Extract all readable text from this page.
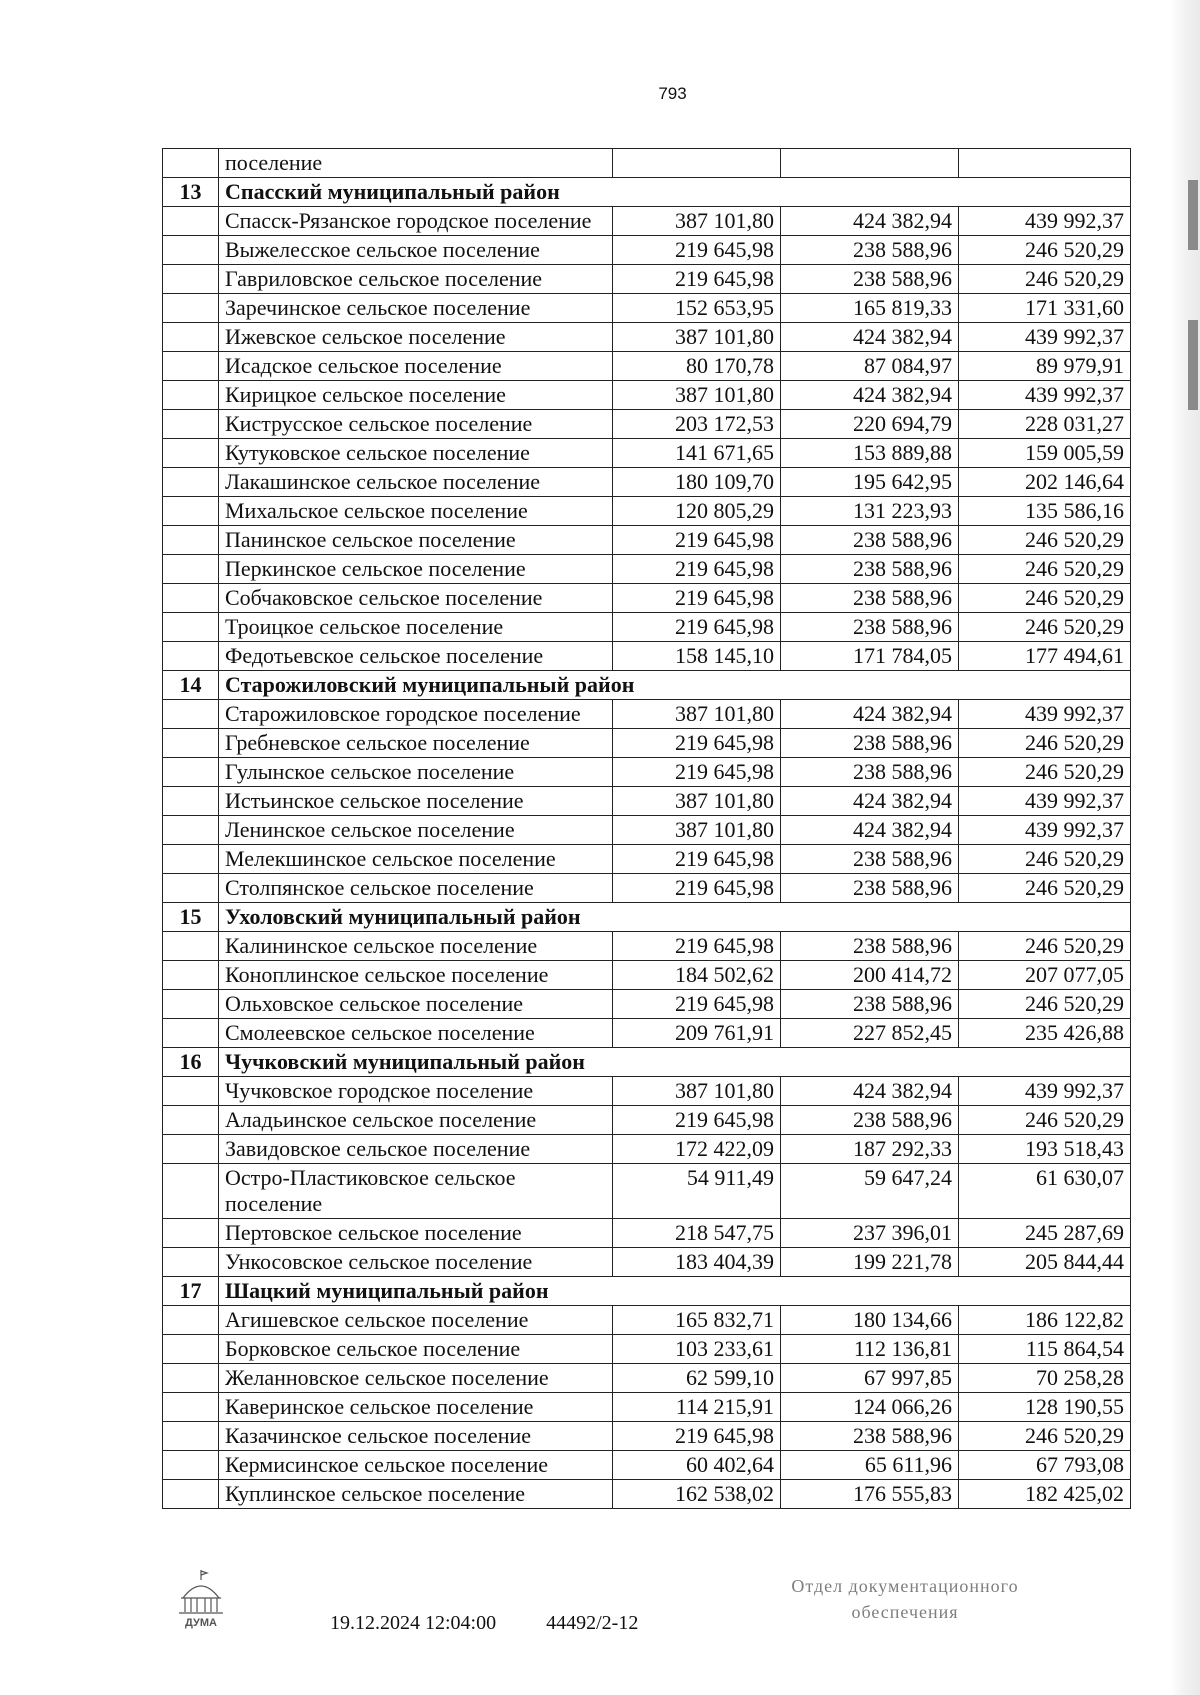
793
	поселение			
13	Спасский муниципальный район			
	Спасск-Рязанское городское поселение	387 101,80	424 382,94	439 992,37
	Выжелесское сельское поселение	219 645,98	238 588,96	246 520,29
	Гавриловское сельское поселение	219 645,98	238 588,96	246 520,29
	Заречинское сельское поселение	152 653,95	165 819,33	171 331,60
	Ижевское сельское поселение	387 101,80	424 382,94	439 992,37
	Исадское сельское поселение	80 170,78	87 084,97	89 979,91
	Кирицкое сельское поселение	387 101,80	424 382,94	439 992,37
	Киструсское сельское поселение	203 172,53	220 694,79	228 031,27
	Кутуковское сельское поселение	141 671,65	153 889,88	159 005,59
	Лакашинское сельское поселение	180 109,70	195 642,95	202 146,64
	Михальское сельское поселение	120 805,29	131 223,93	135 586,16
	Панинское сельское поселение	219 645,98	238 588,96	246 520,29
	Перкинское сельское поселение	219 645,98	238 588,96	246 520,29
	Собчаковское сельское поселение	219 645,98	238 588,96	246 520,29
	Троицкое сельское поселение	219 645,98	238 588,96	246 520,29
	Федотьевское сельское поселение	158 145,10	171 784,05	177 494,61
14	Старожиловский муниципальный район			
	Старожиловское городское поселение	387 101,80	424 382,94	439 992,37
	Гребневское сельское поселение	219 645,98	238 588,96	246 520,29
	Гулынское сельское поселение	219 645,98	238 588,96	246 520,29
	Истьинское сельское поселение	387 101,80	424 382,94	439 992,37
	Ленинское сельское поселение	387 101,80	424 382,94	439 992,37
	Мелекшинское сельское поселение	219 645,98	238 588,96	246 520,29
	Столпянское сельское поселение	219 645,98	238 588,96	246 520,29
15	Ухоловский муниципальный район			
	Калининское сельское поселение	219 645,98	238 588,96	246 520,29
	Коноплинское сельское поселение	184 502,62	200 414,72	207 077,05
	Ольховское сельское поселение	219 645,98	238 588,96	246 520,29
	Смолеевское сельское поселение	209 761,91	227 852,45	235 426,88
16	Чучковский муниципальный район			
	Чучковское городское поселение	387 101,80	424 382,94	439 992,37
	Аладьинское сельское поселение	219 645,98	238 588,96	246 520,29
	Завидовское сельское поселение	172 422,09	187 292,33	193 518,43
	Остро-Пластиковское сельское поселение	54 911,49	59 647,24	61 630,07
	Пертовское сельское поселение	218 547,75	237 396,01	245 287,69
	Ункосовское сельское поселение	183 404,39	199 221,78	205 844,44
17	Шацкий муниципальный район			
	Агишевское сельское поселение	165 832,71	180 134,66	186 122,82
	Борковское сельское поселение	103 233,61	112 136,81	115 864,54
	Желанновское сельское поселение	62 599,10	67 997,85	70 258,28
	Каверинское сельское поселение	114 215,91	124 066,26	128 190,55
	Казачинское сельское поселение	219 645,98	238 588,96	246 520,29
	Кермисинское сельское поселение	60 402,64	65 611,96	67 793,08
	Куплинское сельское поселение	162 538,02	176 555,83	182 425,02
ДУМА	19.12.2024 12:04:00	44492/2-12
Отдел документационного
обеспечения
